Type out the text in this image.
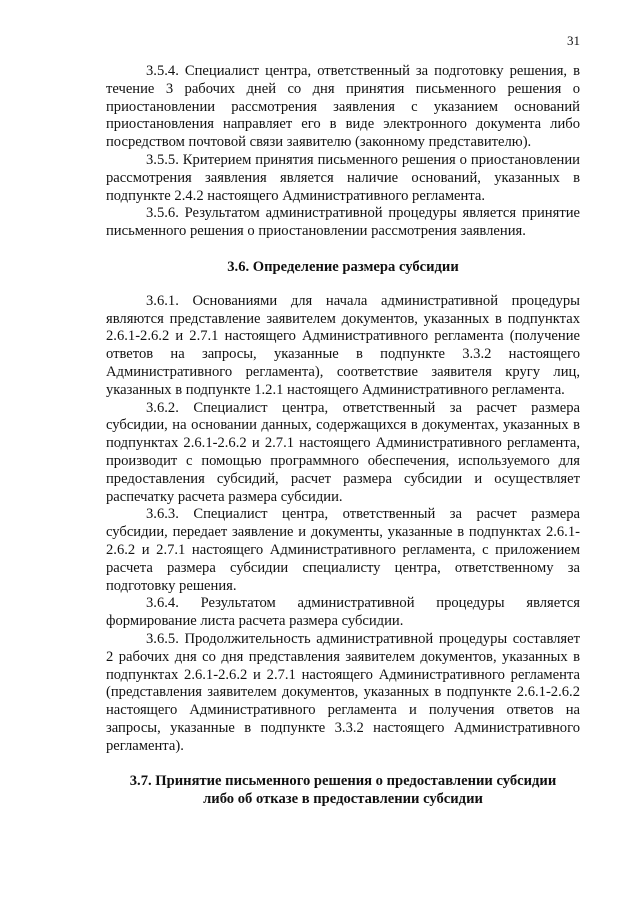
31

3.5.4. Специалист центра, ответственный за подготовку решения, в течение 3 рабочих дней со дня принятия письменного решения о приостановлении рассмотрения заявления с указанием оснований приостановления направляет его в виде электронного документа либо посредством почтовой связи заявителю (законному представителю).

3.5.5. Критерием принятия письменного решения о приостановлении рассмотрения заявления является наличие оснований, указанных в подпункте 2.4.2 настоящего Административного регламента.

3.5.6. Результатом административной процедуры является принятие письменного решения о приостановлении рассмотрения заявления.

3.6. Определение размера субсидии

3.6.1. Основаниями для начала административной процедуры являются представление заявителем документов, указанных в подпунктах 2.6.1-2.6.2 и 2.7.1 настоящего Административного регламента (получение ответов на запросы, указанные в подпункте 3.3.2 настоящего Административного регламента), соответствие заявителя кругу лиц, указанных в подпункте 1.2.1 настоящего Административного регламента.

3.6.2. Специалист центра, ответственный за расчет размера субсидии, на основании данных, содержащихся в документах, указанных в подпунктах 2.6.1-2.6.2 и 2.7.1 настоящего Административного регламента, производит с помощью программного обеспечения, используемого для предоставления субсидий, расчет размера субсидии и осуществляет распечатку расчета размера субсидии.

3.6.3. Специалист центра, ответственный за расчет размера субсидии, передает заявление и документы, указанные в подпунктах 2.6.1-2.6.2 и 2.7.1 настоящего Административного регламента, с приложением расчета размера субсидии специалисту центра, ответственному за подготовку решения.

3.6.4. Результатом административной процедуры является формирование листа расчета размера субсидии.

3.6.5. Продолжительность административной процедуры составляет 2 рабочих дня со дня представления заявителем документов, указанных в подпунктах 2.6.1-2.6.2 и 2.7.1 настоящего Административного регламента (представления заявителем документов, указанных в подпункте 2.6.1-2.6.2 настоящего Административного регламента и получения ответов на запросы, указанные в подпункте 3.3.2 настоящего Административного регламента).

3.7. Принятие письменного решения о предоставлении субсидии

либо об отказе в предоставлении субсидии
